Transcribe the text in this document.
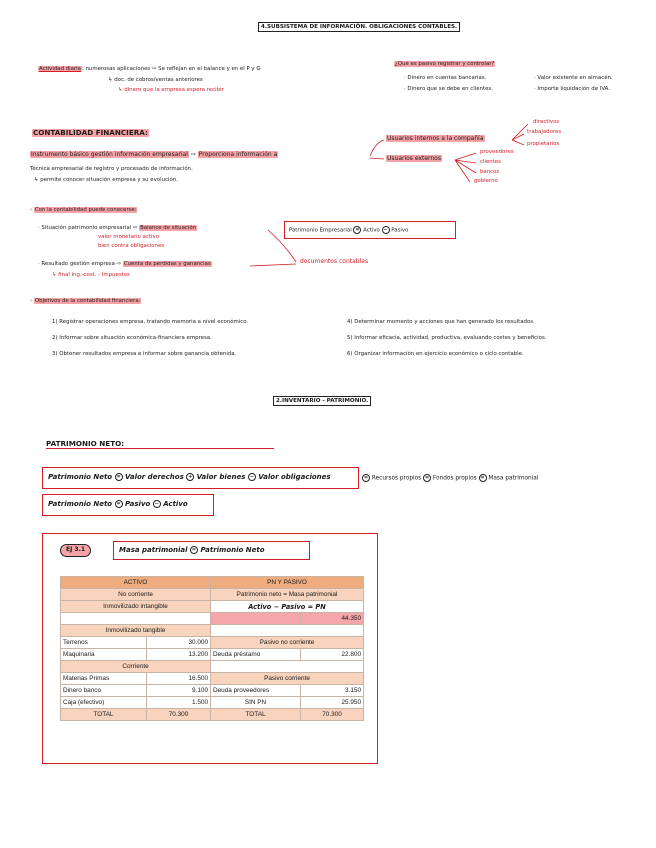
4.SUBSISTEMA DE INFORMACIÓN. OBLIGACIONES CONTABLES.
Actividad diaria: numerosas aplicaciones ⇨ Se reflejan en el balance y en el P y G
↳ doc. de cobros/ventas anteriores
↳ dinero que la empresa espera recibir
¿Qué es pasivo registrar y controlar?
· Dinero en cuentas bancarias.	· Valor existente en almacén.
· Dinero que se debe en clientes.	· Importe liquidación de IVA.
CONTABILIDAD FINANCIERA:
Instrumento básico gestión información empresarial ⇨ Proporciona información a
Técnica empresarial de registro y procesado de información.
↳ permite conocer situación empresa y su evolución.
Usuarios internos a la compañía
Usuarios externos
directivos
trabajadores
propietarios
proveedores
clientes
bancos
gobierno
› Con la contabilidad puede conocerse:
· Situación patrimonio empresarial ⇨ Balance de situación
valor monetario activo
bien contra obligaciones
· Resultado gestión empresa ⇨ Cuenta de pérdidas y ganancias
↳ final ing.-cost. - Impuestos
documentos contables
Patrimonio Empresarial = Activo − Pasivo
› Objetivos de la contabilidad financiera:
1) Registrar operaciones empresa, tratando memoria a nivel económico.
2) Informar sobre situación económica-financiera empresa.
3) Obtener resultados empresa e informar sobre ganancia obtenida.
4) Determinar momento y acciones que han generado los resultados.
5) Informar eficacia, actividad, productiva, evaluando costes y beneficios.
6) Organizar información en ejercicio económico o ciclo contable.
2.INVENTARIO - PATRIMONIO.
PATRIMONIO NETO:
Patrimonio Neto = Valor derechos + Valor bienes − Valor obligaciones	= Recursos propios = Fondos propios = Masa patrimonial
Patrimonio Neto = Pasivo − Activo
EJ 3.1	Masa patrimonial = Patrimonio Neto
ACTIVO		PN Y PASIVO	
No corriente		Patrimonio neto = Masa patrimonial	
Inmovilizado intangible		Activo − Pasivo = PN	
			44.350
Inmovilizado tangible			
Terrenos	30.000	Pasivo no corriente	
Maquinaria	13.200	Deuda préstamo	22.800
Corriente			
Materias Primas	16.500	Pasivo corriente	
Dinero banco	9.100	Deuda proveedores	3.150
Caja (efectivo)	1.500	SIN PN	25.950
TOTAL	70.300	TOTAL	70.300
